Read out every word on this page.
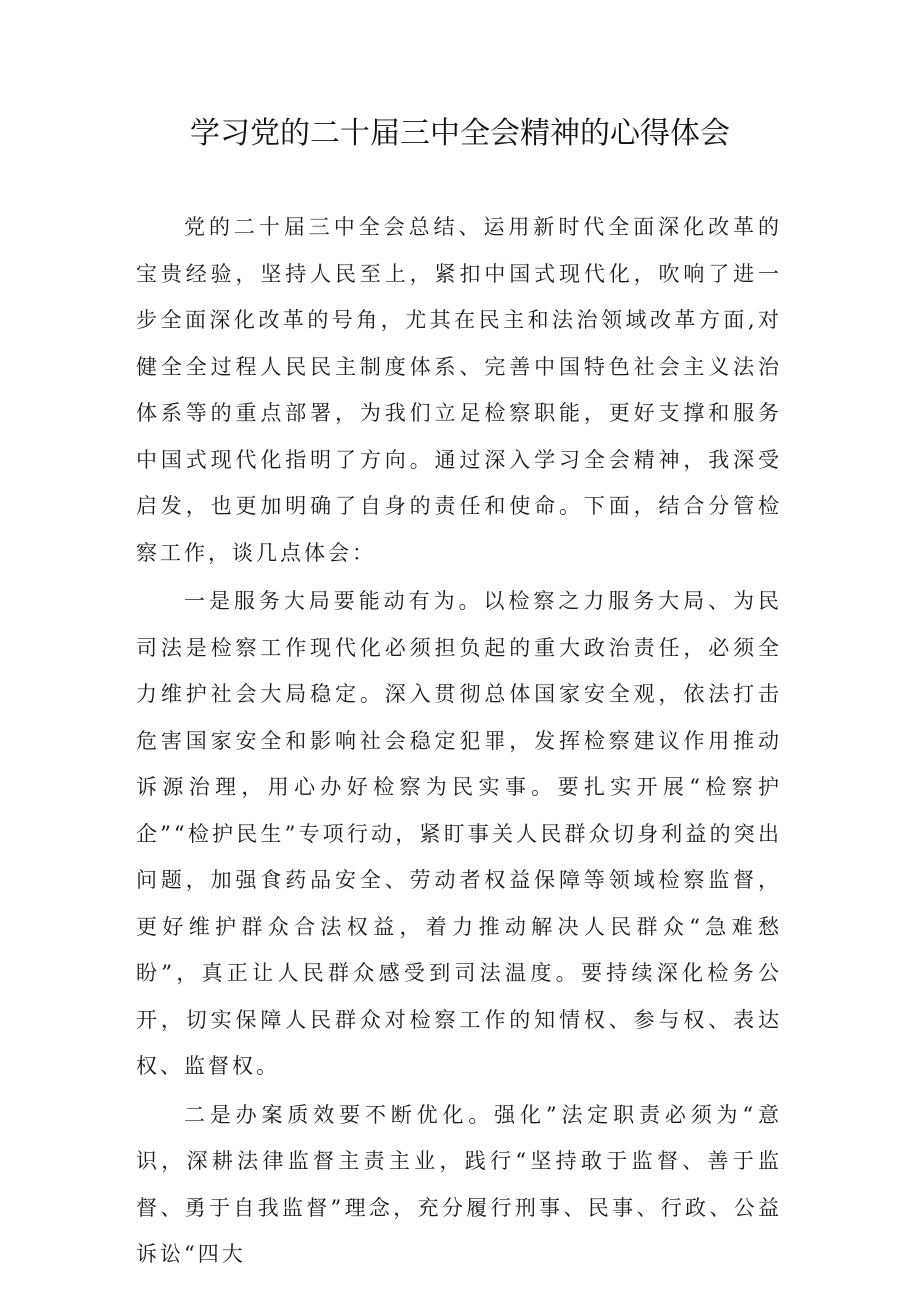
学习党的二十届三中全会精神的心得体会

党的二十届三中全会总结、运用新时代全面深化改革的宝贵经验，坚持人民至上，紧扣中国式现代化，吹响了进一步全面深化改革的号角，尤其在民主和法治领域改革方面,对健全全过程人民民主制度体系、完善中国特色社会主义法治体系等的重点部署，为我们立足检察职能，更好支撑和服务中国式现代化指明了方向。通过深入学习全会精神，我深受启发，也更加明确了自身的责任和使命。下面，结合分管检察工作，谈几点体会：

一是服务大局要能动有为。以检察之力服务大局、为民司法是检察工作现代化必须担负起的重大政治责任，必须全力维护社会大局稳定。深入贯彻总体国家安全观，依法打击危害国家安全和影响社会稳定犯罪，发挥检察建议作用推动诉源治理，用心办好检察为民实事。要扎实开展“检察护企”“检护民生”专项行动，紧盯事关人民群众切身利益的突出问题，加强食药品安全、劳动者权益保障等领域检察监督，更好维护群众合法权益，着力推动解决人民群众“急难愁盼”，真正让人民群众感受到司法温度。要持续深化检务公开，切实保障人民群众对检察工作的知情权、参与权、表达权、监督权。

二是办案质效要不断优化。强化”法定职责必须为“意识，深耕法律监督主责主业，践行“坚持敢于监督、善于监督、勇于自我监督”理念，充分履行刑事、民事、行政、公益诉讼“四大
